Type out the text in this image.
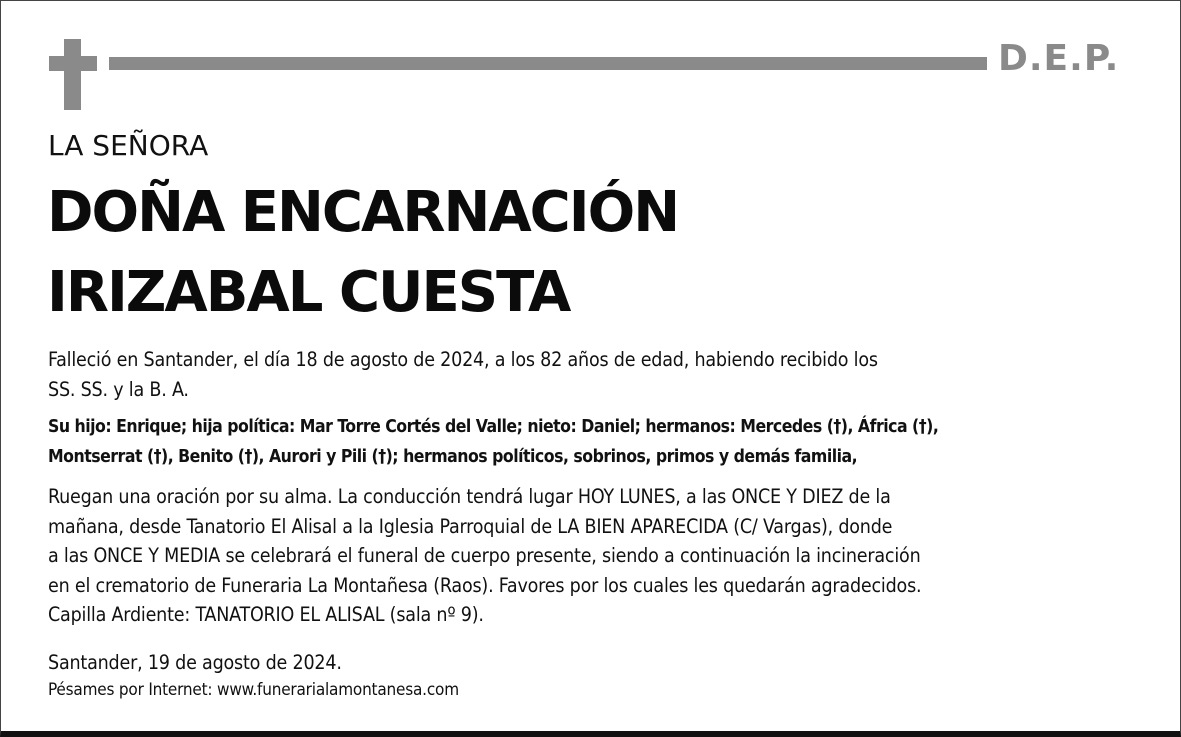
D.E.P.
LA SEÑORA
DOÑA ENCARNACIÓN
IRIZABAL CUESTA
Falleció en Santander, el día 18 de agosto de 2024, a los 82 años de edad, habiendo recibido los
SS. SS. y la B. A.
Su hijo: Enrique; hija política: Mar Torre Cortés del Valle; nieto: Daniel; hermanos: Mercedes (†), África (†),
Montserrat (†), Benito (†), Aurori y Pili (†); hermanos políticos, sobrinos, primos y demás familia,
Ruegan una oración por su alma. La conducción tendrá lugar HOY LUNES, a las ONCE Y DIEZ de la
mañana, desde Tanatorio El Alisal a la Iglesia Parroquial de LA BIEN APARECIDA (C/ Vargas), donde
a las ONCE Y MEDIA se celebrará el funeral de cuerpo presente, siendo a continuación la incineración
en el crematorio de Funeraria La Montañesa (Raos). Favores por los cuales les quedarán agradecidos.
Capilla Ardiente: TANATORIO EL ALISAL (sala nº 9).
Santander, 19 de agosto de 2024.
Pésames por Internet: www.funerarialamontanesa.com
